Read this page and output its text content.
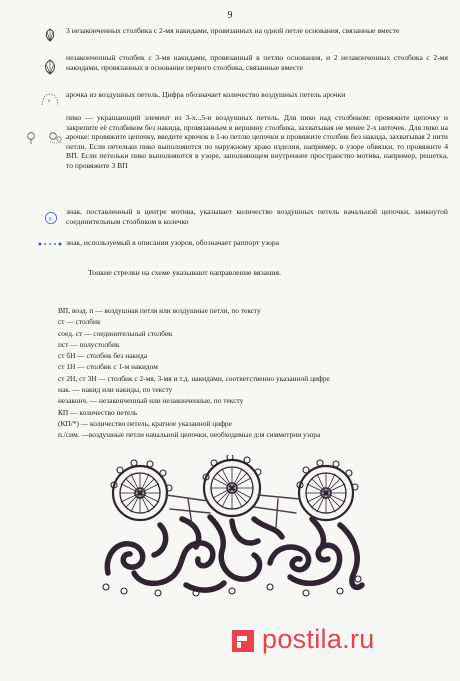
9
3 незаконченных столбика с 2-мя накидами, провязанных на одной петле основания, связанные вместе
незаконченный столбик с 3-мя накидами, провязанный в петлю основания, и 2 незаконченных столбика с 2-мя накидами, провязанных в основание первого столбика, связанные вместе
n
арочка из воздушных петель. Цифра обозначает количество воздушных петель арочки
пико — украшающий элемент из 3-х...5-и воздушных петель. Для пико над столбиком: провяжите цепочку и закрепите её столбиком без накида, провязанным в вершину столбика, захватывая не менее 2-х ниточек. Для пико на арочке: провяжите цепочку, введите крючок в 1-ю петлю цепочки и провяжите столбик без накида, захватывая 2 нити петли. Если петельки пико выполняются по наружному краю изделия, например, в узоре обвязки, то провяжите 4 ВП. Если петельки пико выполняются в узоре, заполняющем внутреннее пространство мотива, например, решетка, то провяжите 3 ВП
n
знак, поставленный в центре мотива, указывает количество воздушных петель начальной цепочки, замкнутой соединительным столбиком в колечко
знак, используемый в описании узоров, обозначает раппорт узора
Тонкие стрелки на схеме указывают направление вязания.
ВП, возд. п — воздушная петля или воздушные петли, по тексту
ст — столбик
соед. ст — соединительный столбик
пст — полустолбик
ст бН — столбик без накида
ст 1Н — столбик с 1-м накидом
ст 2Н, ст 3Н — столбик с 2-мя, 3-мя и т.д. накидами, соответственно указанной цифре
нак. — накид или накиды, по тексту
незаконч. — незаконченный или незаконченные, по тексту
КП — количество петель
(КП/*) — количество петель, кратное указанной цифре
п./сим. —воздушные петли начальной цепочки, необходимые для симметрии узора
postila.ru
